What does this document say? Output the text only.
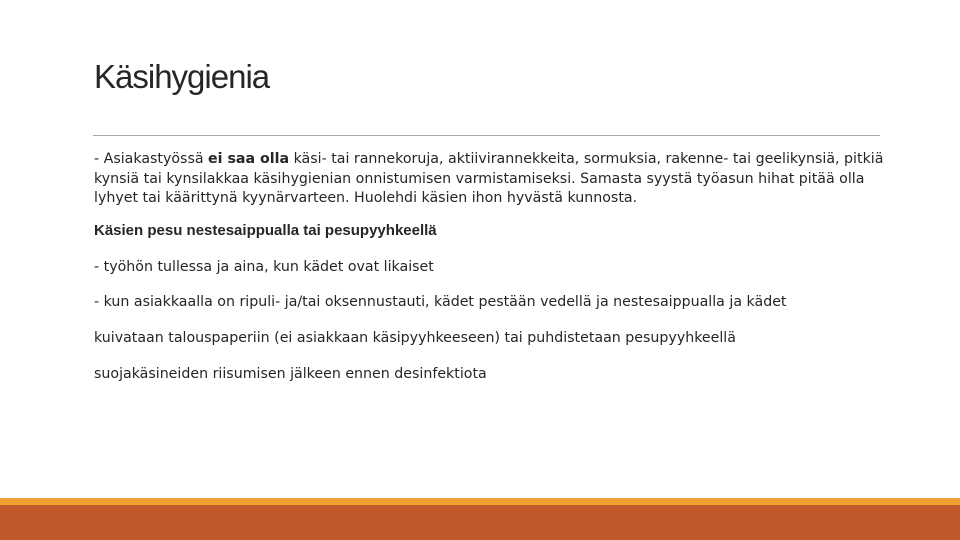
Käsihygienia

- Asiakastyössä ei saa olla käsi- tai rannekoruja, aktiivirannekkeita, sormuksia, rakenne- tai geelikynsiä, pitkiä kynsiä tai kynsilakkaa käsihygienian onnistumisen varmistamiseksi. Samasta syystä työasun hihat pitää olla lyhyet tai käärittynä kyynärvarteen. Huolehdi käsien ihon hyvästä kunnosta.

Käsien pesu nestesaippualla tai pesupyyhkeellä

- työhön tullessa ja aina, kun kädet ovat likaiset

- kun asiakkaalla on ripuli- ja/tai oksennustauti, kädet pestään vedellä ja nestesaippualla ja kädet
kuivataan talouspaperiin (ei asiakkaan käsipyyhkeeseen) tai puhdistetaan pesupyyhkeellä
suojakäsineiden riisumisen jälkeen ennen desinfektiota
